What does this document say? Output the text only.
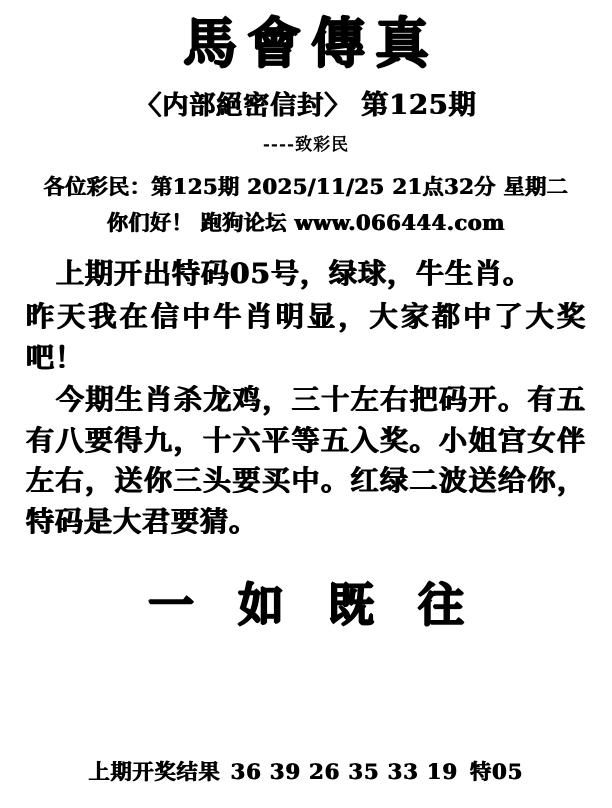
馬會傳真
〈内部絕密信封〉 第125期
----致彩民
各位彩民：第125期 2025/11/25 21点32分 星期二
你们好！ 跑狗论坛 www.066444.com

上期开出特码05号，绿球，牛生肖。

昨天我在信中牛肖明显，大家都中了大奖吧！

今期生肖杀龙鸡，三十左右把码开。有五有八要得九，十六平等五入奖。小姐宫女伴左右，送你三头要买中。红绿二波送给你，特码是大君要猜。

一 如 既 往
上期开奖结果 36 39 26 35 33 19 特05
